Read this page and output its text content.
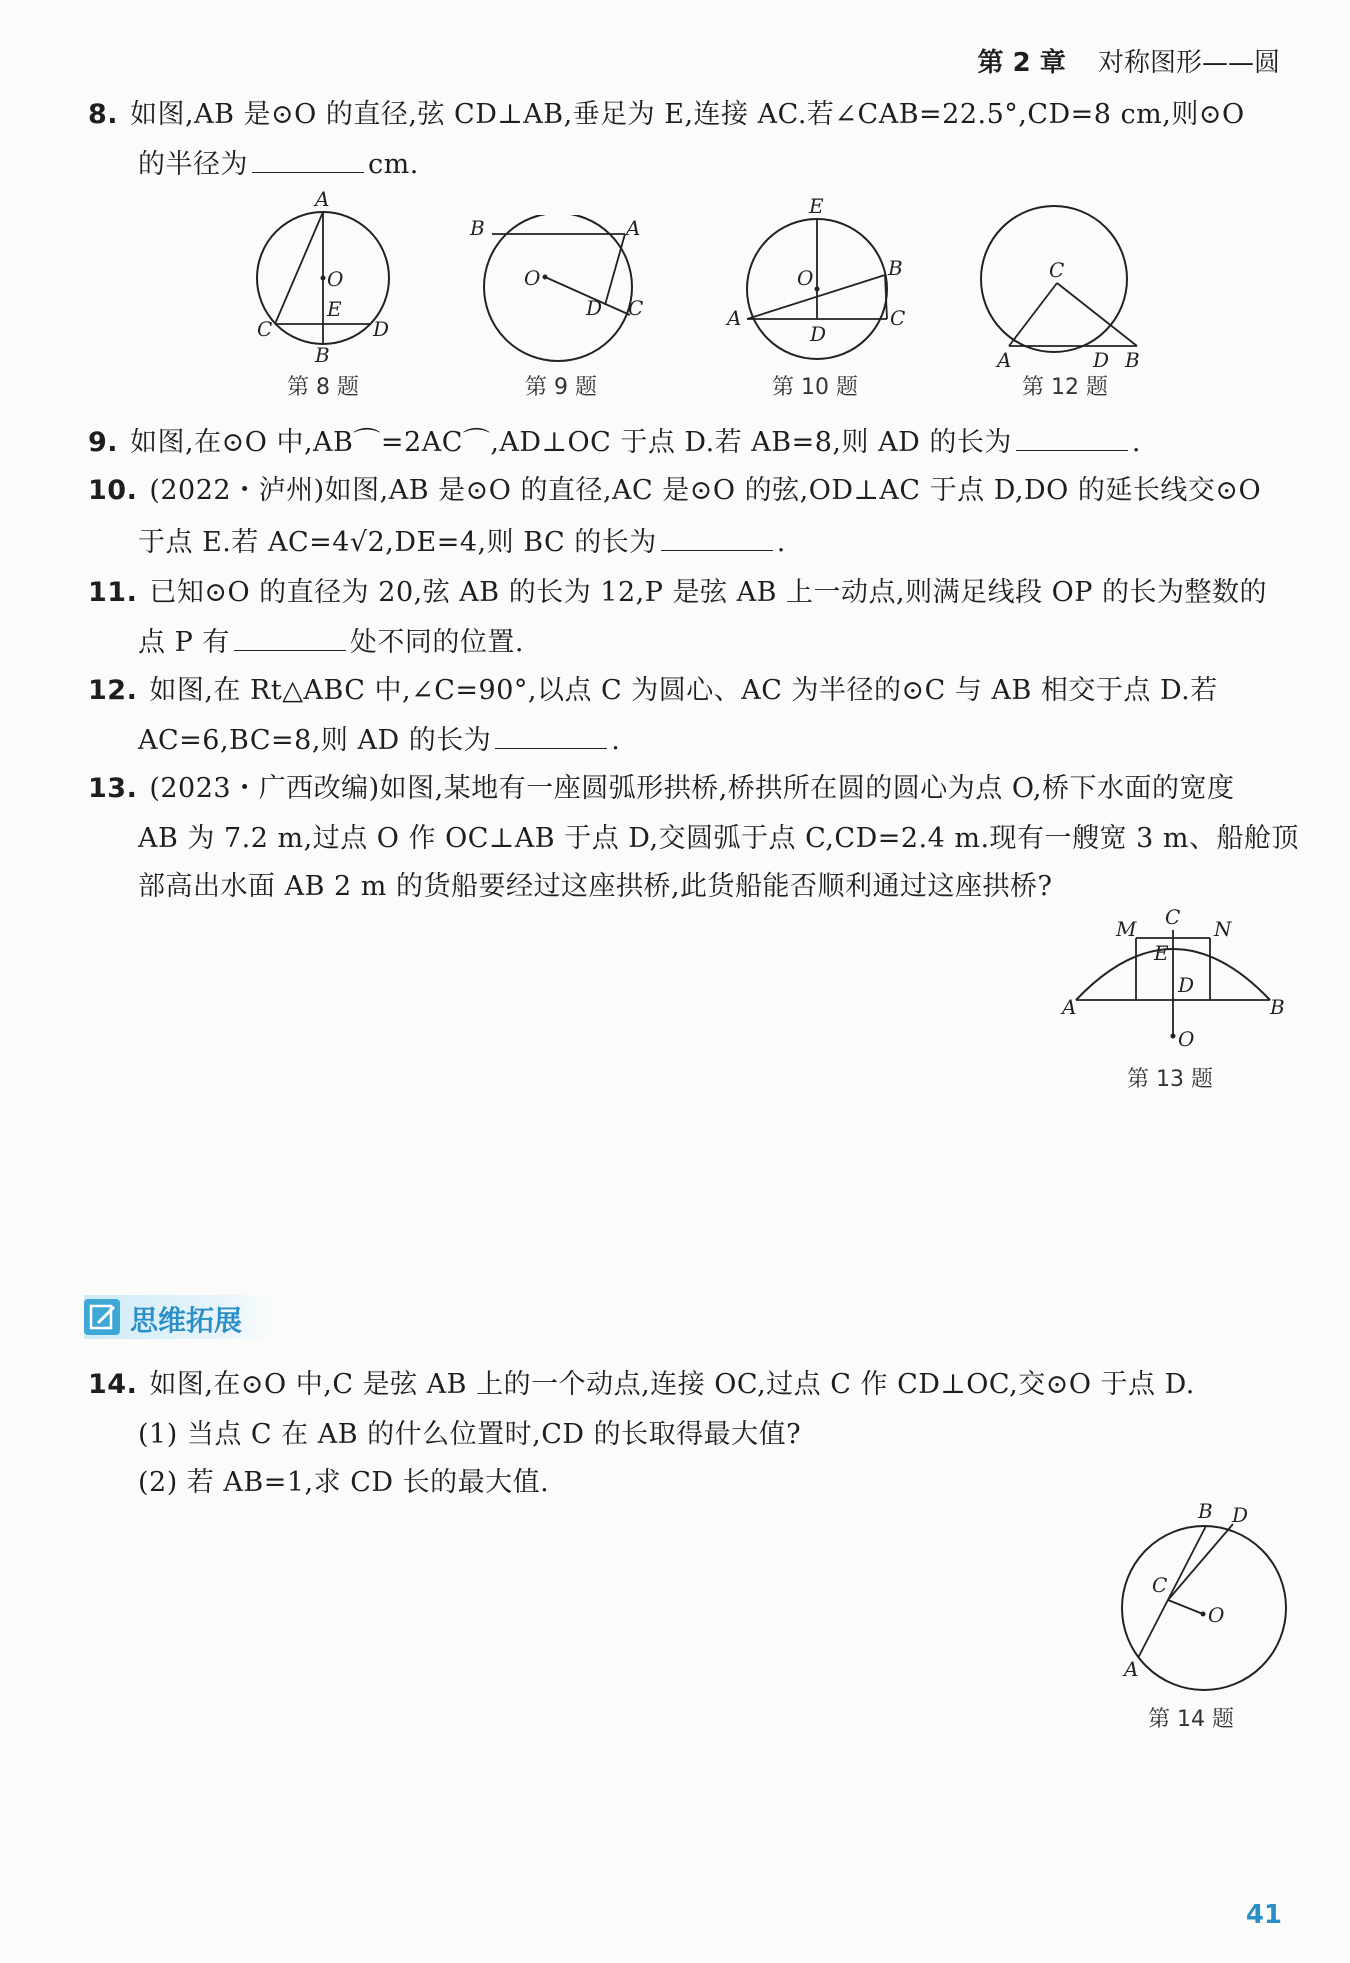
第 2 章 对称图形——圆
8. 如图,AB 是⊙O 的直径,弦 CD⊥AB,垂足为 E,连接 AC.若∠CAB=22.5°,CD=8 cm,则⊙O
的半径为	cm.
A
O
E
C	D
B
第 8 题
B	A
O
D C
第 9 题
E
O	B
A
D
C
第 10 题
C
A	D B
第 12 题
9. 如图,在⊙O 中,AB⌒=2AC⌒,AD⊥OC 于点 D.若 AB=8,则 AD 的长为	.
10. (2022・泸州)如图,AB 是⊙O 的直径,AC 是⊙O 的弦,OD⊥AC 于点 D,DO 的延长线交⊙O
于点 E.若 AC=4√2,DE=4,则 BC 的长为	.
11. 已知⊙O 的直径为 20,弦 AB 的长为 12,P 是弦 AB 上一动点,则满足线段 OP 的长为整数的
点 P 有	处不同的位置.
12. 如图,在 Rt△ABC 中,∠C=90°,以点 C 为圆心、AC 为半径的⊙C 与 AB 相交于点 D.若
AC=6,BC=8,则 AD 的长为	.
13. (2023・广西改编)如图,某地有一座圆弧形拱桥,桥拱所在圆的圆心为点 O,桥下水面的宽度
AB 为 7.2 m,过点 O 作 OC⊥AB 于点 D,交圆弧于点 C,CD=2.4 m.现有一艘宽 3 m、船舱顶
部高出水面 AB 2 m 的货船要经过这座拱桥,此货船能否顺利通过这座拱桥?
M C N
E
D
A	B
O
第 13 题
思维拓展
14. 如图,在⊙O 中,C 是弦 AB 上的一个动点,连接 OC,过点 C 作 CD⊥OC,交⊙O 于点 D.
(1) 当点 C 在 AB 的什么位置时,CD 的长取得最大值?
(2) 若 AB=1,求 CD 长的最大值.
B D
C
O
A
第 14 题
41
